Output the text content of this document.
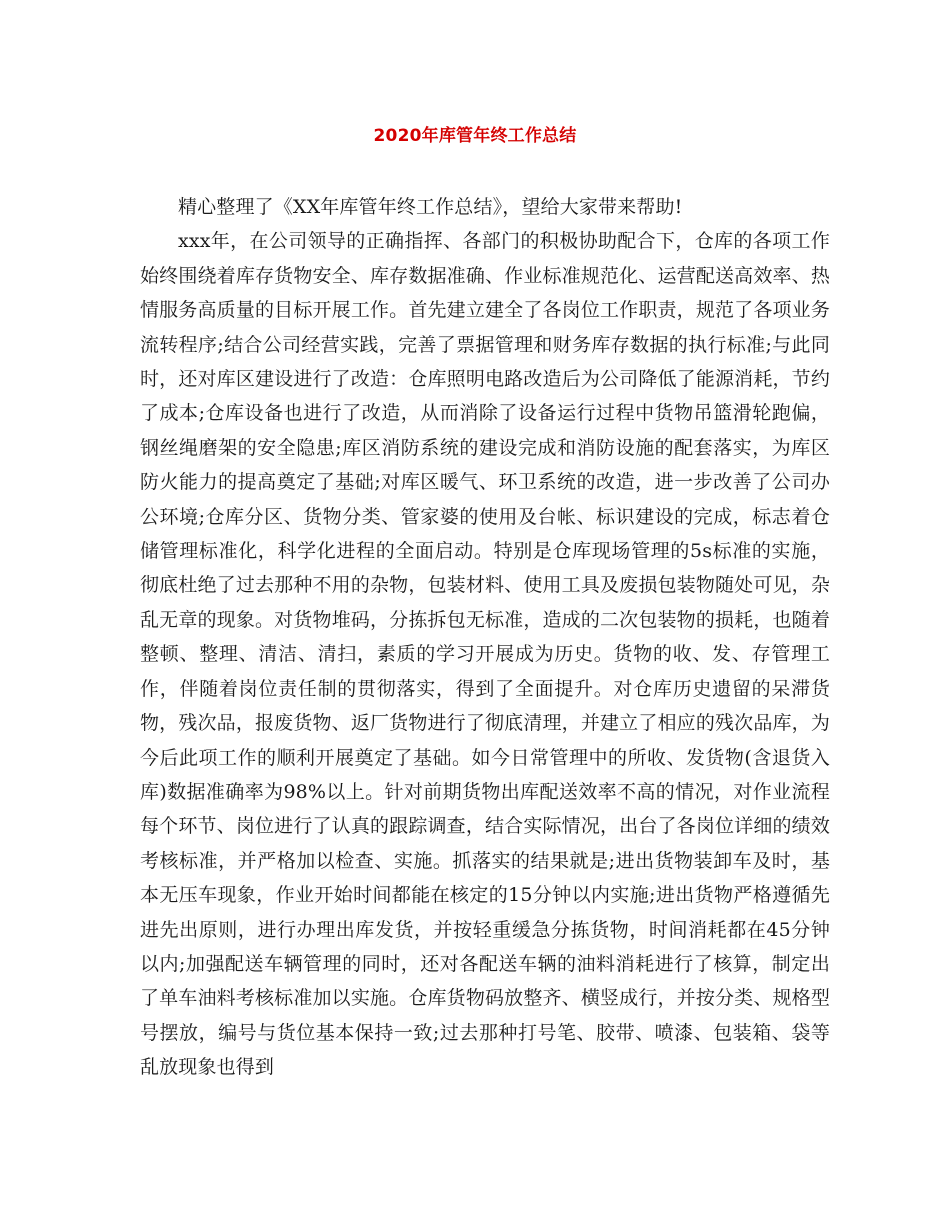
2020年库管年终工作总结

精心整理了《XX年库管年终工作总结》，望给大家带来帮助!

xxx年，在公司领导的正确指挥、各部门的积极协助配合下，仓库的各项工作始终围绕着库存货物安全、库存数据准确、作业标准规范化、运营配送高效率、热情服务高质量的目标开展工作。首先建立建全了各岗位工作职责，规范了各项业务流转程序;结合公司经营实践，完善了票据管理和财务库存数据的执行标准;与此同时，还对库区建设进行了改造：仓库照明电路改造后为公司降低了能源消耗，节约了成本;仓库设备也进行了改造，从而消除了设备运行过程中货物吊篮滑轮跑偏，钢丝绳磨架的安全隐患;库区消防系统的建设完成和消防设施的配套落实，为库区防火能力的提高奠定了基础;对库区暖气、环卫系统的改造，进一步改善了公司办公环境;仓库分区、货物分类、管家婆的使用及台帐、标识建设的完成，标志着仓储管理标准化，科学化进程的全面启动。特别是仓库现场管理的5s标准的实施，彻底杜绝了过去那种不用的杂物，包装材料、使用工具及废损包装物随处可见，杂乱无章的现象。对货物堆码，分拣拆包无标准，造成的二次包装物的损耗，也随着整顿、整理、清洁、清扫，素质的学习开展成为历史。货物的收、发、存管理工作，伴随着岗位责任制的贯彻落实，得到了全面提升。对仓库历史遗留的呆滞货物，残次品，报废货物、返厂货物进行了彻底清理，并建立了相应的残次品库，为今后此项工作的顺利开展奠定了基础。如今日常管理中的所收、发货物(含退货入库)数据准确率为98%以上。针对前期货物出库配送效率不高的情况，对作业流程每个环节、岗位进行了认真的跟踪调查，结合实际情况，出台了各岗位详细的绩效考核标准，并严格加以检查、实施。抓落实的结果就是;进出货物装卸车及时，基本无压车现象，作业开始时间都能在核定的15分钟以内实施;进出货物严格遵循先进先出原则，进行办理出库发货，并按轻重缓急分拣货物，时间消耗都在45分钟以内;加强配送车辆管理的同时，还对各配送车辆的油料消耗进行了核算，制定出了单车油料考核标准加以实施。仓库货物码放整齐、横竖成行，并按分类、规格型号摆放，编号与货位基本保持一致;过去那种打号笔、胶带、喷漆、包装箱、袋等乱放现象也得到
